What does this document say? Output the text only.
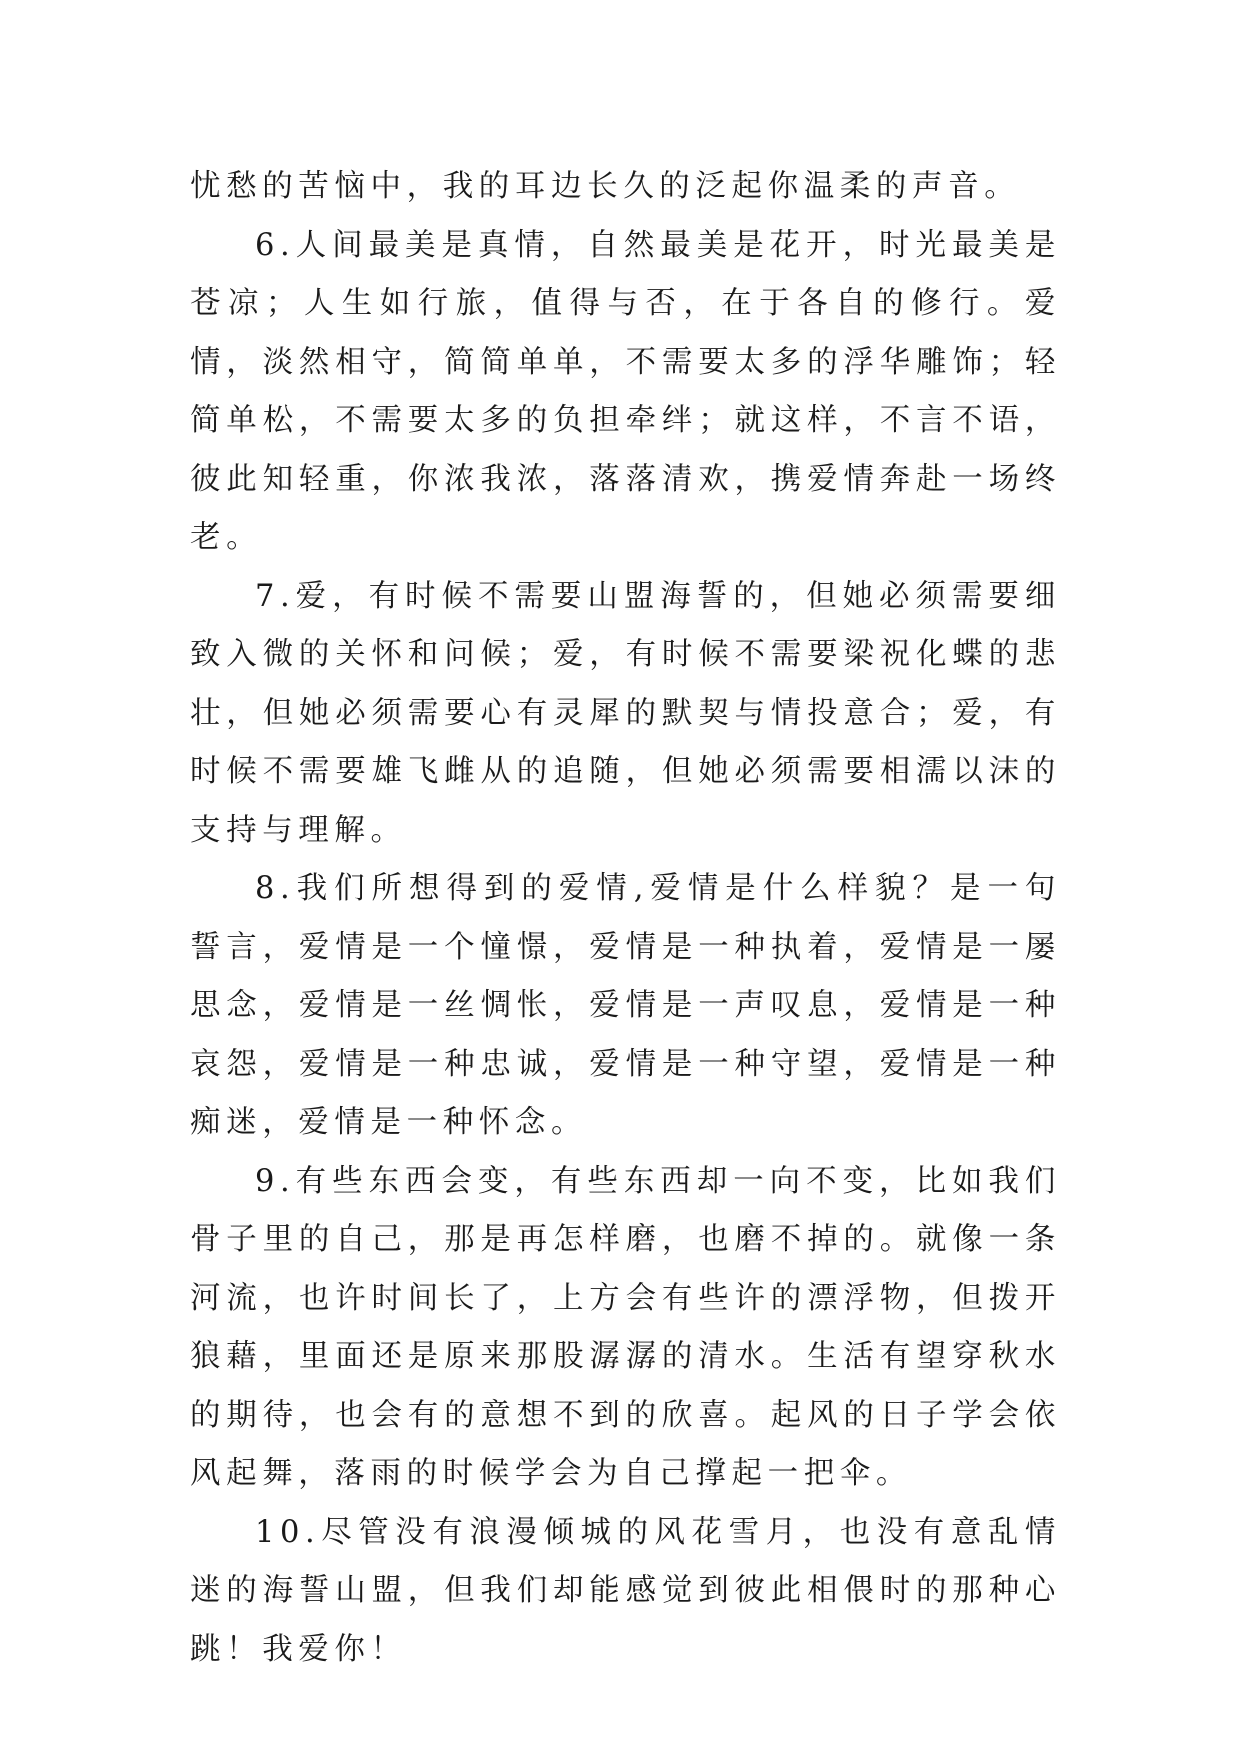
忧愁的苦恼中，我的耳边长久的泛起你温柔的声音。

6.人间最美是真情，自然最美是花开，时光最美是苍凉；人生如行旅，值得与否，在于各自的修行。爱情，淡然相守，简简单单，不需要太多的浮华雕饰；轻简单松，不需要太多的负担牵绊；就这样，不言不语，彼此知轻重，你浓我浓，落落清欢，携爱情奔赴一场终老。

7.爱，有时候不需要山盟海誓的，但她必须需要细致入微的关怀和问候；爱，有时候不需要梁祝化蝶的悲壮，但她必须需要心有灵犀的默契与情投意合；爱，有时候不需要雄飞雌从的追随，但她必须需要相濡以沫的支持与理解。

8.我们所想得到的爱情,爱情是什么样貌？是一句誓言，爱情是一个憧憬，爱情是一种执着，爱情是一屡思念，爱情是一丝惆怅，爱情是一声叹息，爱情是一种哀怨，爱情是一种忠诚，爱情是一种守望，爱情是一种痴迷，爱情是一种怀念。

9.有些东西会变，有些东西却一向不变，比如我们骨子里的自己，那是再怎样磨，也磨不掉的。就像一条河流，也许时间长了，上方会有些许的漂浮物，但拨开狼藉，里面还是原来那股潺潺的清水。生活有望穿秋水的期待，也会有的意想不到的欣喜。起风的日子学会依风起舞，落雨的时候学会为自己撑起一把伞。

10.尽管没有浪漫倾城的风花雪月，也没有意乱情迷的海誓山盟，但我们却能感觉到彼此相偎时的那种心跳！我爱你！
